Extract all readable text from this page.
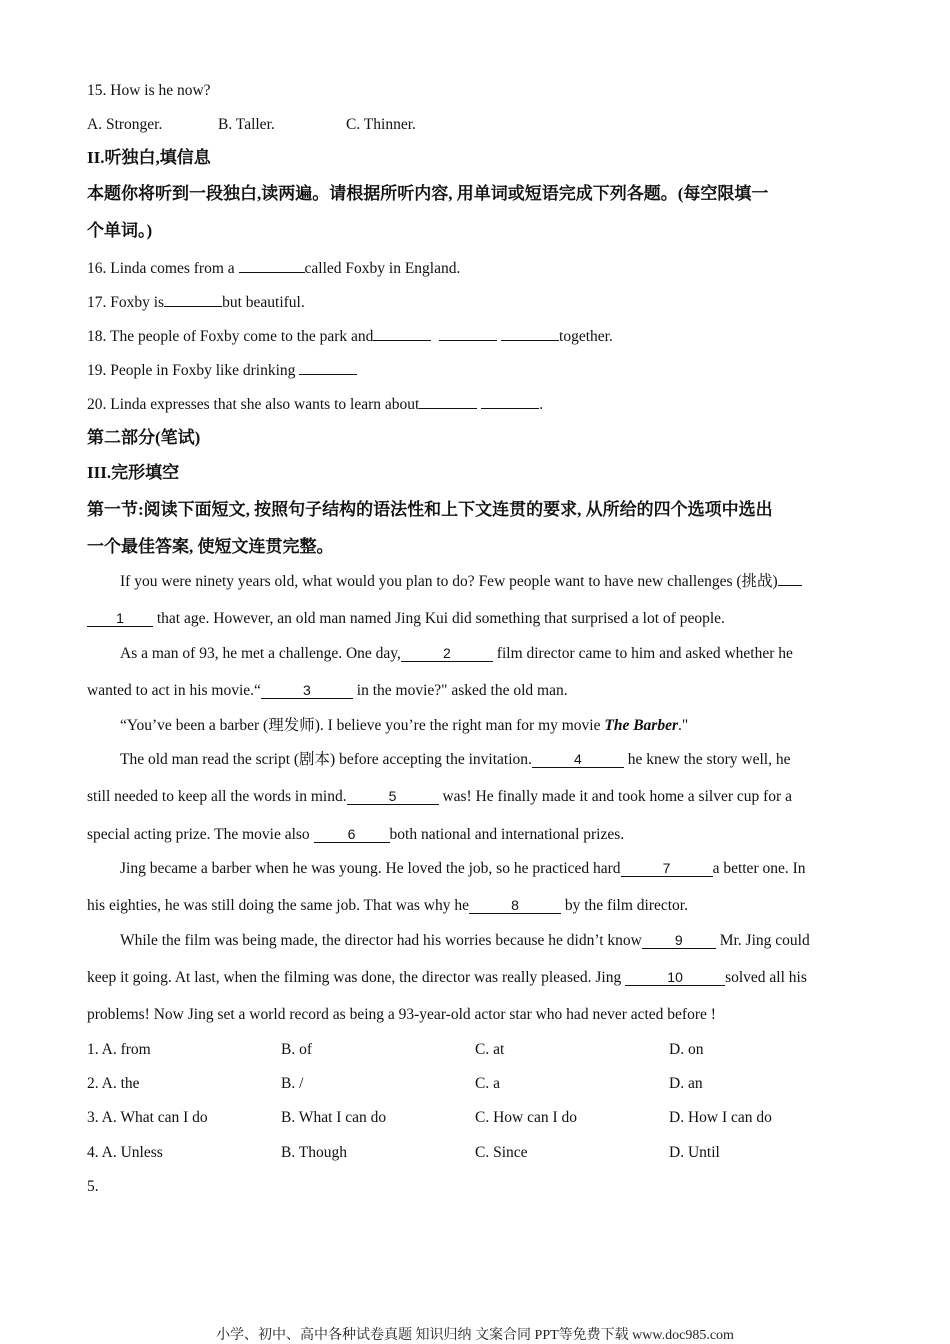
15. How is he now?
A. Stronger.	B. Taller.	C. Thinner.
II.听独白,填信息
本题你将听到一段独白,读两遍。请根据所听内容, 用单词或短语完成下列各题。(每空限填一
个单词。)
16. Linda comes from a	called Foxby in England.
17. Foxby is	but beautiful.
18. The people of Foxby come to the park and	together.
19. People in Foxby like drinking
20. Linda expresses that she also wants to learn about	.
第二部分(笔试)
III.完形填空
第一节:阅读下面短文, 按照句子结构的语法性和上下文连贯的要求, 从所给的四个选项中选出
一个最佳答案, 使短文连贯完整。
If you were ninety years old, what would you plan to do? Few people want to have new challenges (挑战)
1 that age. However, an old man named Jing Kui did something that surprised a lot of people.
As a man of 93, he met a challenge. One day,	2	film director came to him and asked whether he
wanted to act in his movie.“	3	in the movie?" asked the old man.
“You’ve been a barber (理发师). I believe you’re the right man for my movie The Barber."
The old man read the script (剧本) before accepting the invitation.	4	he knew the story well, he
still needed to keep all the words in mind.	5	was! He finally made it and took home a silver cup for a
special acting prize. The movie also 6 both national and international prizes.
Jing became a barber when he was young. He loved the job, so he practiced hard	7	a better one. In
his eighties, he was still doing the same job. That was why he	8	by the film director.
While the film was being made, the director had his worries because he didn’t know 9 Mr. Jing could
keep it going. At last, when the filming was done, the director was really pleased. Jing	10	solved all his
problems! Now Jing set a world record as being a 93-year-old actor star who had never acted before !
1. A. from	B. of	C. at	D. on
2. A. the	B. /	C. a	D. an
3. A. What can I do	B. What I can do	C. How can I do	D. How I can do
4. A. Unless	B. Though	C. Since	D. Until
5.
小学、初中、高中各种试卷真题 知识归纳 文案合同 PPT等免费下载 www.doc985.com
